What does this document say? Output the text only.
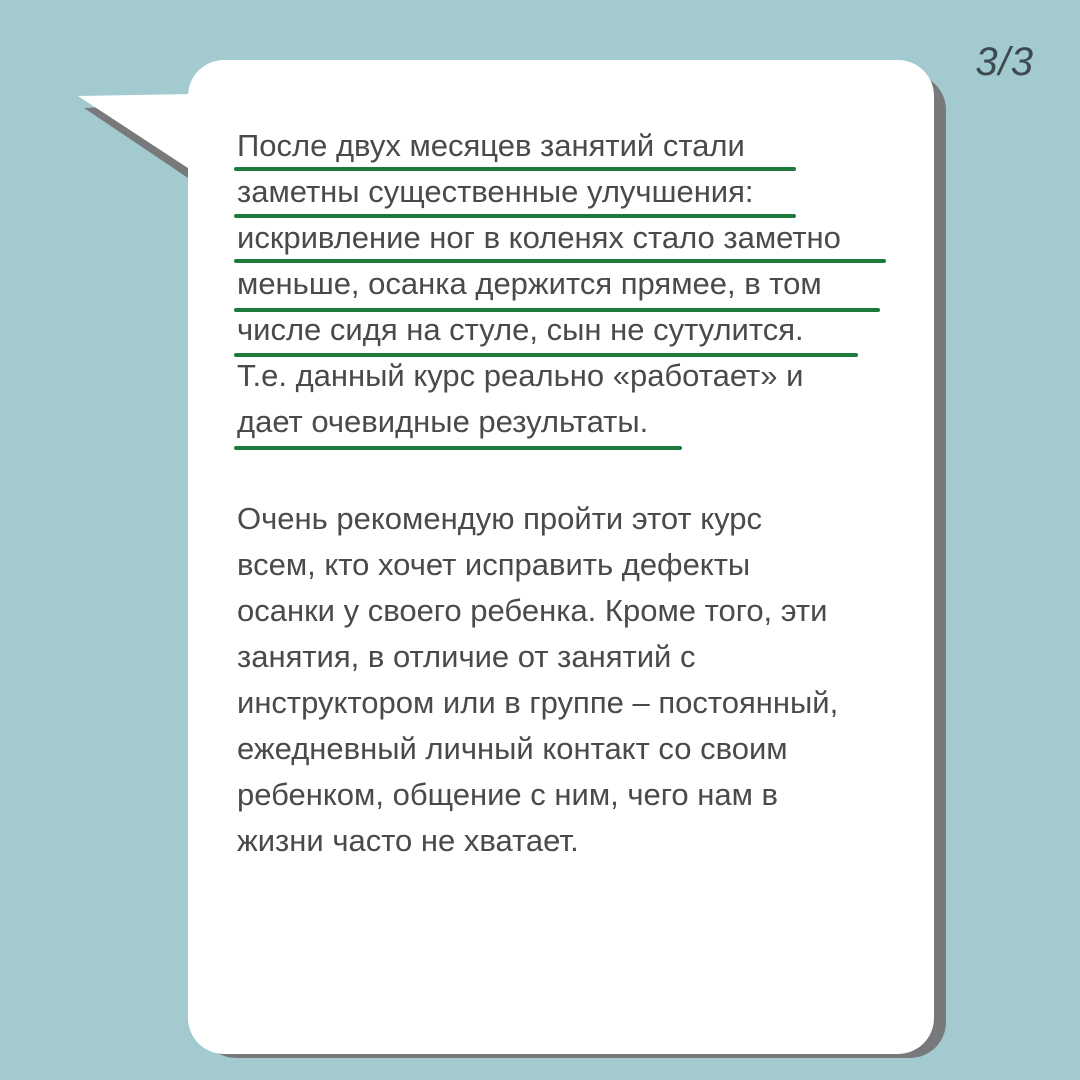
3/3
После двух месяцев занятий стали
заметны существенные улучшения:
искривление ног в коленях стало заметно
меньше, осанка держится прямее, в том
числе сидя на стуле, сын не сутулится.
Т.е. данный курс реально «работает» и
дает очевидные результаты.
Очень рекомендую пройти этот курс
всем, кто хочет исправить дефекты
осанки у своего ребенка. Кроме того, эти
занятия, в отличие от занятий с
инструктором или в группе – постоянный,
ежедневный личный контакт со своим
ребенком, общение с ним, чего нам в
жизни часто не хватает.
